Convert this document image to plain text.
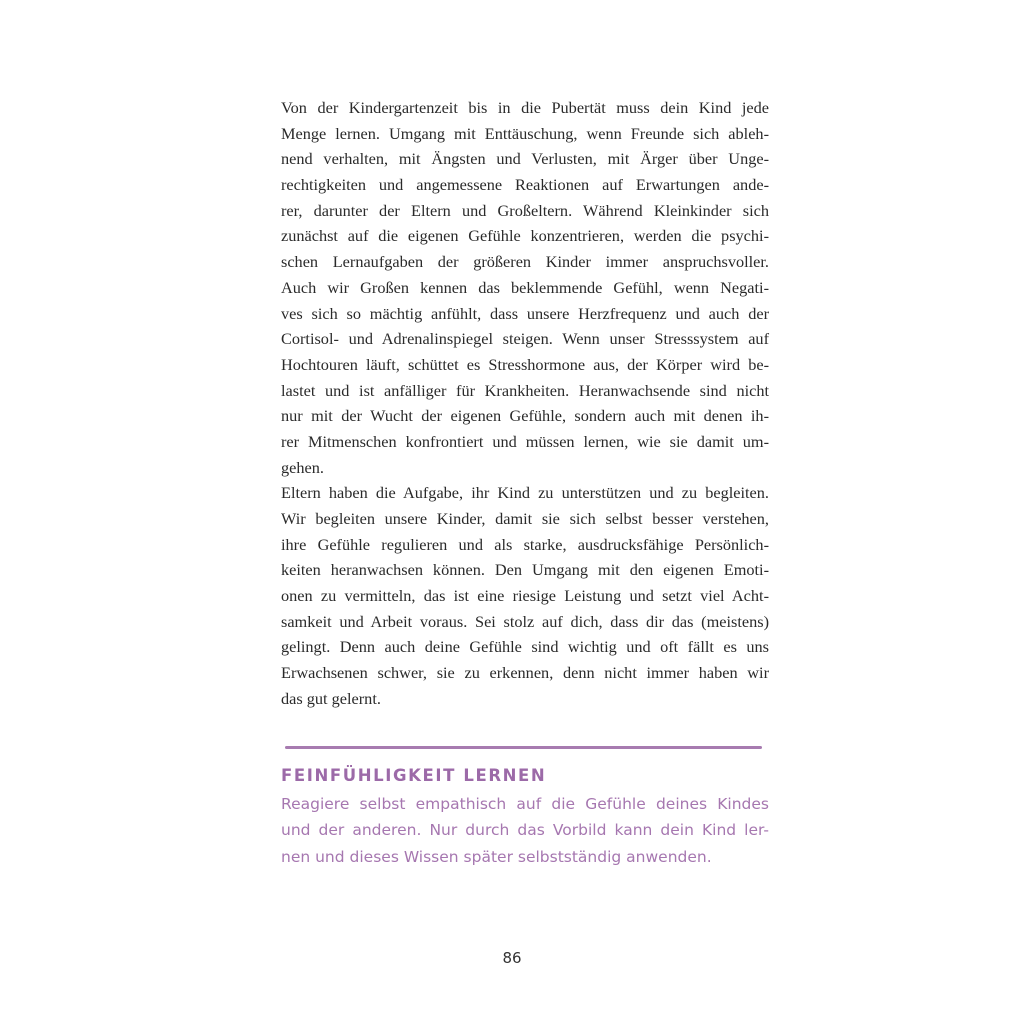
Von der Kindergartenzeit bis in die Pubertät muss dein Kind jede
Menge lernen. Umgang mit Enttäuschung, wenn Freunde sich ableh-
nend verhalten, mit Ängsten und Verlusten, mit Ärger über Unge-
rechtigkeiten und angemessene Reaktionen auf Erwartungen ande-
rer, darunter der Eltern und Großeltern. Während Kleinkinder sich
zunächst auf die eigenen Gefühle konzentrieren, werden die psychi-
schen Lernaufgaben der größeren Kinder immer anspruchsvoller.
Auch wir Großen kennen das beklemmende Gefühl, wenn Negati-
ves sich so mächtig anfühlt, dass unsere Herzfrequenz und auch der
Cortisol- und Adrenalinspiegel steigen. Wenn unser Stresssystem auf
Hochtouren läuft, schüttet es Stresshormone aus, der Körper wird be-
lastet und ist anfälliger für Krankheiten. Heranwachsende sind nicht
nur mit der Wucht der eigenen Gefühle, sondern auch mit denen ih-
rer Mitmenschen konfrontiert und müssen lernen, wie sie damit um-
gehen.
Eltern haben die Aufgabe, ihr Kind zu unterstützen und zu begleiten.
Wir begleiten unsere Kinder, damit sie sich selbst besser verstehen,
ihre Gefühle regulieren und als starke, ausdrucksfähige Persönlich-
keiten heranwachsen können. Den Umgang mit den eigenen Emoti-
onen zu vermitteln, das ist eine riesige Leistung und setzt viel Acht-
samkeit und Arbeit voraus. Sei stolz auf dich, dass dir das (meistens)
gelingt. Denn auch deine Gefühle sind wichtig und oft fällt es uns
Erwachsenen schwer, sie zu erkennen, denn nicht immer haben wir
das gut gelernt.
FEINFÜHLIGKEIT LERNEN
Reagiere selbst empathisch auf die Gefühle deines Kindes
und der anderen. Nur durch das Vorbild kann dein Kind ler-
nen und dieses Wissen später selbstständig anwenden.
86
